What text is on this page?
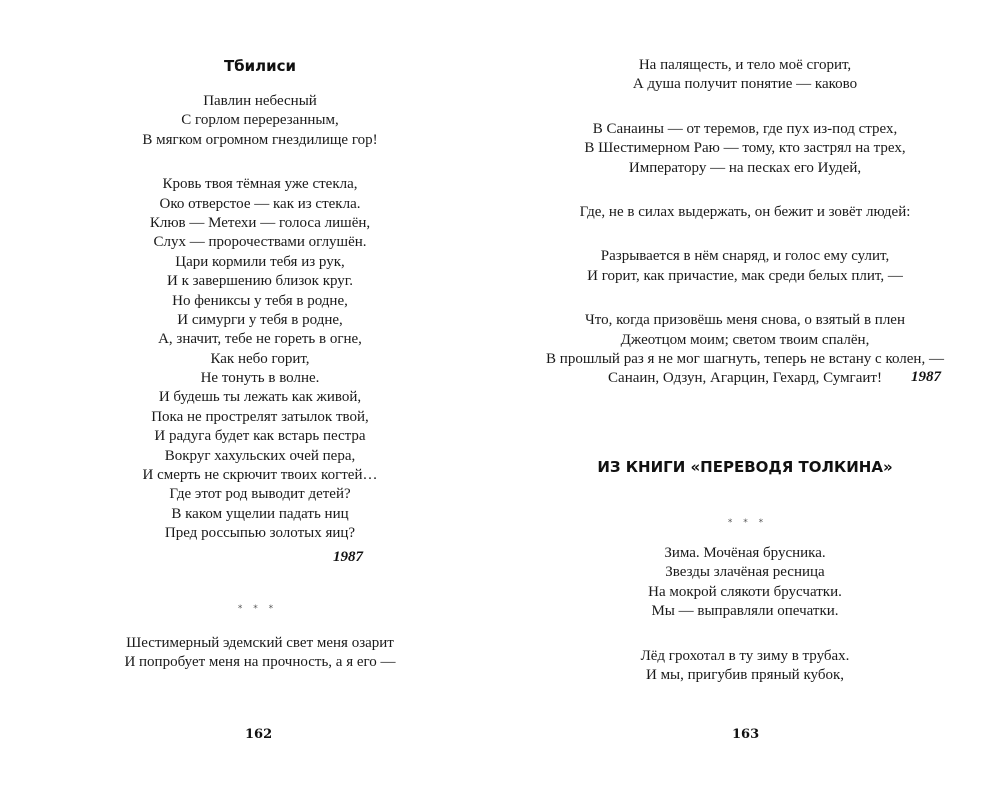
Тбилиси
Павлин небесный
С горлом перерезанным,
В мягком огромном гнездилище гор!
Кровь твоя тёмная уже стекла,
Око отверстое — как из стекла.
Клюв — Метехи — голоса лишён,
Слух — пророчествами оглушён.
Цари кормили тебя из рук,
И к завершению близок круг.
Но фениксы у тебя в родне,
И симурги у тебя в родне,
А, значит, тебе не гореть в огне,
Как небо горит,
Не тонуть в волне.
И будешь ты лежать как живой,
Пока не прострелят затылок твой,
И радуга будет как встарь пестра
Вокруг хахульских очей пера,
И смерть не скрючит твоих когтей…
Где этот род выводит детей?
В каком ущелии падать ниц
Пред россыпью золотых яиц?
1987
* * *
Шестимерный эдемский свет меня озарит
И попробует меня на прочность, а я его —
162
На палящесть, и тело моё сгорит,
А душа получит понятие — каково
В Санаины — от теремов, где пух из-под стрех,
В Шестимерном Раю — тому, кто застрял на трех,
Императору — на песках его Иудей,
Где, не в силах выдержать, он бежит и зовёт людей:
Разрывается в нём снаряд, и голос ему сулит,
И горит, как причастие, мак среди белых плит, —
Что, когда призовёшь меня снова, о взятый в плен
Джеотцом моим; светом твоим спалён,
В прошлый раз я не мог шагнуть, теперь не встану с колен, —
Санаин, Одзун, Агарцин, Гехард, Сумгаит!	1987
ИЗ КНИГИ «ПЕРЕВОДЯ ТОЛКИНА»
* * *
Зима. Мочёная брусника.
Звезды злачёная ресница
На мокрой слякоти брусчатки.
Мы — выправляли опечатки.
Лёд грохотал в ту зиму в трубах.
И мы, пригубив пряный кубок,
163
